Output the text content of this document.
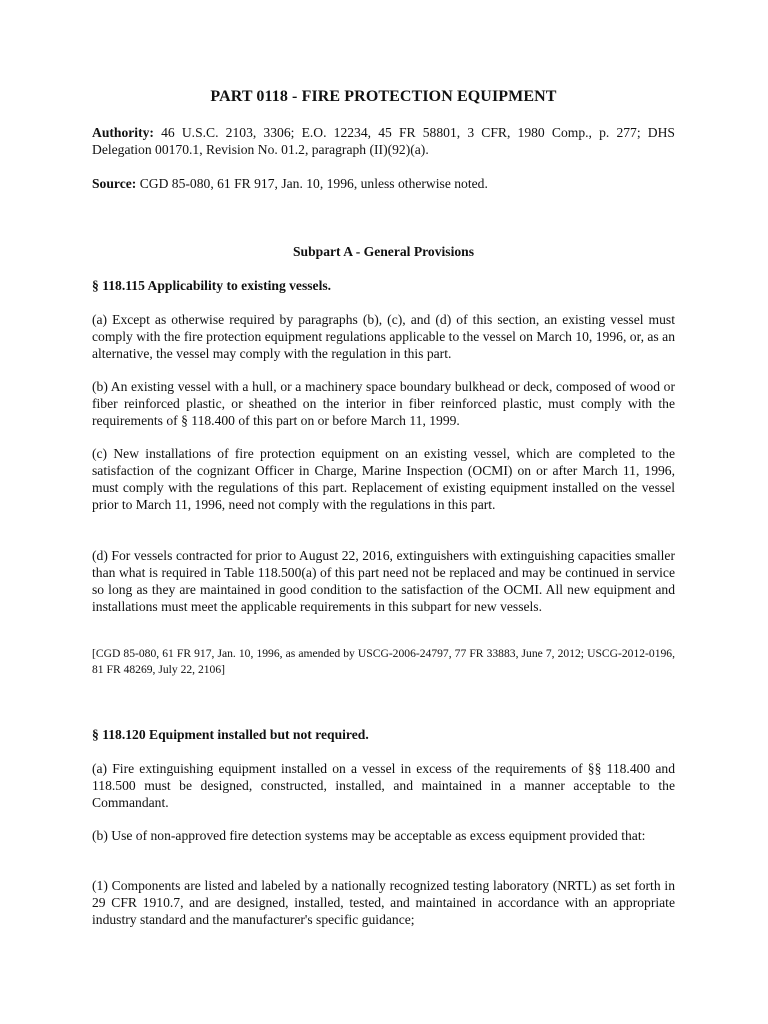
PART 0118 - FIRE PROTECTION EQUIPMENT

Authority: 46 U.S.C. 2103, 3306; E.O. 12234, 45 FR 58801, 3 CFR, 1980 Comp., p. 277; DHS Delegation 00170.1, Revision No. 01.2, paragraph (II)(92)(a).

Source: CGD 85-080, 61 FR 917, Jan. 10, 1996, unless otherwise noted.

Subpart A - General Provisions
§ 118.115 Applicability to existing vessels.

(a) Except as otherwise required by paragraphs (b), (c), and (d) of this section, an existing vessel must comply with the fire protection equipment regulations applicable to the vessel on March 10, 1996, or, as an alternative, the vessel may comply with the regulation in this part.

(b) An existing vessel with a hull, or a machinery space boundary bulkhead or deck, composed of wood or fiber reinforced plastic, or sheathed on the interior in fiber reinforced plastic, must comply with the requirements of § 118.400 of this part on or before March 11, 1999.

(c) New installations of fire protection equipment on an existing vessel, which are completed to the satisfaction of the cognizant Officer in Charge, Marine Inspection (OCMI) on or after March 11, 1996, must comply with the regulations of this part. Replacement of existing equipment installed on the vessel prior to March 11, 1996, need not comply with the regulations in this part.

(d) For vessels contracted for prior to August 22, 2016, extinguishers with extinguishing capacities smaller than what is required in Table 118.500(a) of this part need not be replaced and may be continued in service so long as they are maintained in good condition to the satisfaction of the OCMI. All new equipment and installations must meet the applicable requirements in this subpart for new vessels.

[CGD 85-080, 61 FR 917, Jan. 10, 1996, as amended by USCG-2006-24797, 77 FR 33883, June 7, 2012; USCG-2012-0196, 81 FR 48269, July 22, 2106]

§ 118.120 Equipment installed but not required.

(a) Fire extinguishing equipment installed on a vessel in excess of the requirements of §§ 118.400 and 118.500 must be designed, constructed, installed, and maintained in a manner acceptable to the Commandant.

(b) Use of non-approved fire detection systems may be acceptable as excess equipment provided that:

(1) Components are listed and labeled by a nationally recognized testing laboratory (NRTL) as set forth in 29 CFR 1910.7, and are designed, installed, tested, and maintained in accordance with an appropriate industry standard and the manufacturer's specific guidance;
